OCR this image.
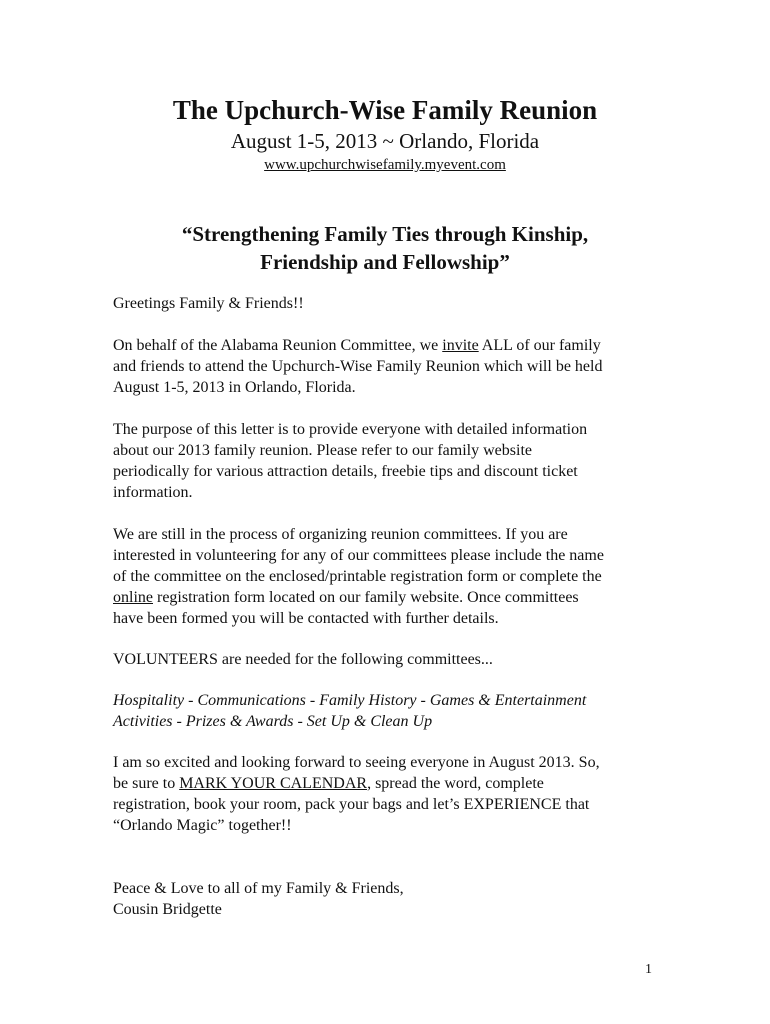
The Upchurch-Wise Family Reunion
August 1-5, 2013 ~ Orlando, Florida
www.upchurchwisefamily.myevent.com
“Strengthening Family Ties through Kinship,
Friendship and Fellowship”
Greetings Family & Friends!!
On behalf of the Alabama Reunion Committee, we invite ALL of our family
and friends to attend the Upchurch-Wise Family Reunion which will be held
August 1-5, 2013 in Orlando, Florida.
The purpose of this letter is to provide everyone with detailed information
about our 2013 family reunion. Please refer to our family website
periodically for various attraction details, freebie tips and discount ticket
information.
We are still in the process of organizing reunion committees. If you are
interested in volunteering for any of our committees please include the name
of the committee on the enclosed/printable registration form or complete the
online registration form located on our family website. Once committees
have been formed you will be contacted with further details.
VOLUNTEERS are needed for the following committees...
Hospitality - Communications - Family History - Games & Entertainment
Activities - Prizes & Awards - Set Up & Clean Up
I am so excited and looking forward to seeing everyone in August 2013. So,
be sure to MARK YOUR CALENDAR, spread the word, complete
registration, book your room, pack your bags and let’s EXPERIENCE that
“Orlando Magic” together!!
Peace & Love to all of my Family & Friends,
Cousin Bridgette
1
